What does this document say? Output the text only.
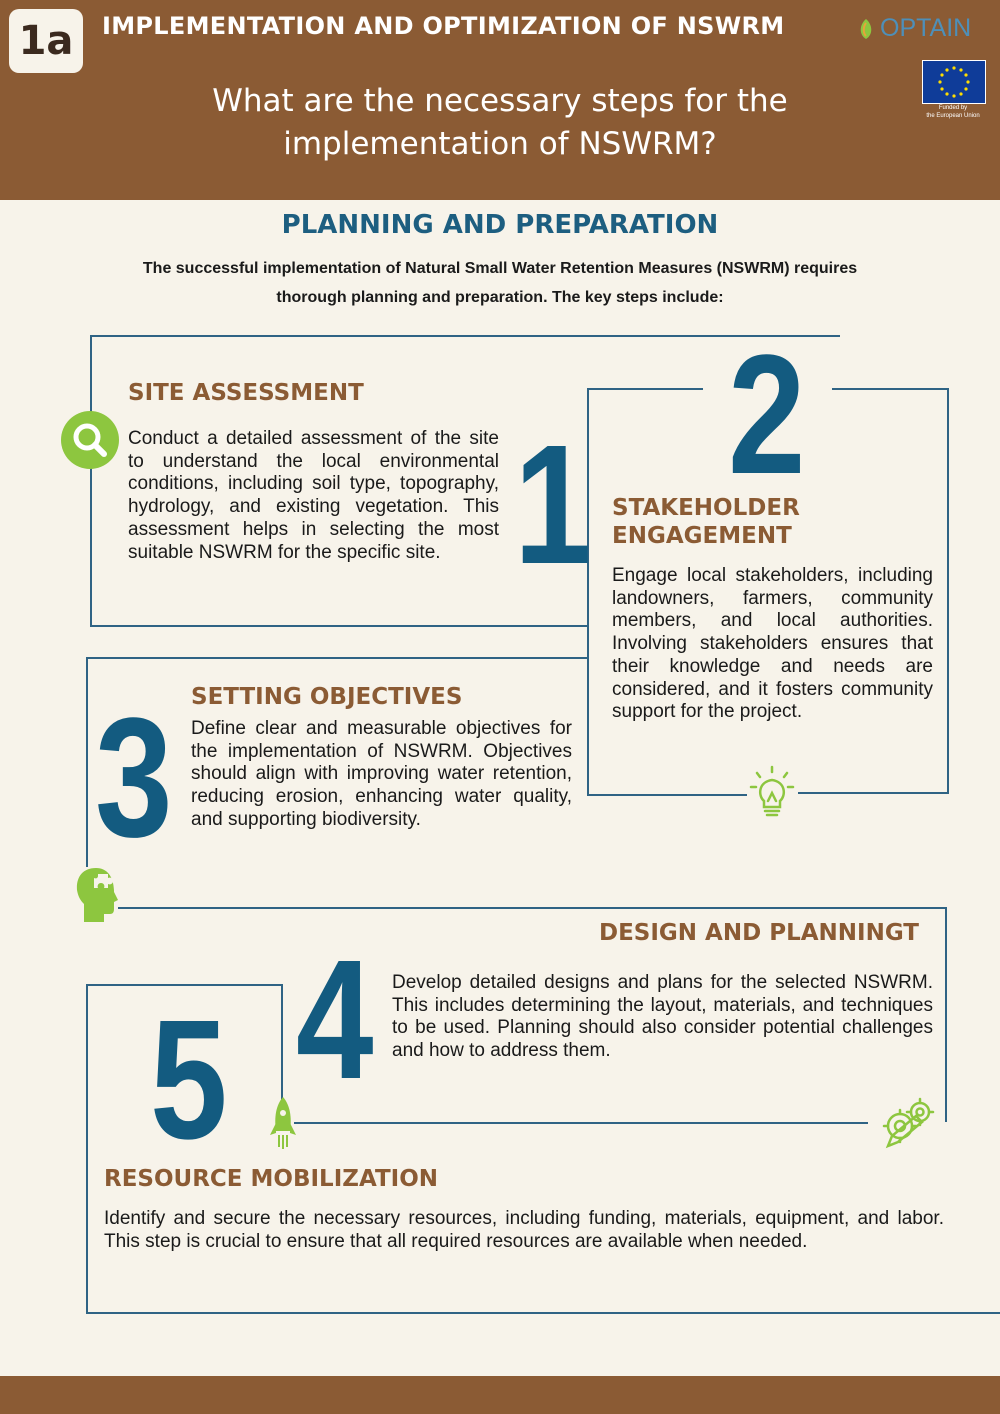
1a	IMPLEMENTATION AND OPTIMIZATION OF NSWRM
What are the necessary steps for the
implementation of NSWRM?
OPTAIN
Funded by
the European Union
PLANNING AND PREPARATION
The successful implementation of Natural Small Water Retention Measures (NSWRM) requires
thorough planning and preparation. The key steps include:
SITE ASSESSMENT
Conduct a detailed assessment of the site to understand the local environmental conditions, including soil type, topography, hydrology, and existing vegetation. This assessment helps in selecting the most suitable NSWRM for the specific site. 1 2
STAKEHOLDER
ENGAGEMENT
Engage local stakeholders, including landowners, farmers, community members, and local authorities. Involving stakeholders ensures that their knowledge and needs are considered, and it fosters community support for the project.
SETTING OBJECTIVES
3 Define clear and measurable objectives for the implementation of NSWRM. Objectives should align with improving water retention, reducing erosion, enhancing water quality, and supporting biodiversity.
DESIGN AND PLANNINGT
4 Develop detailed designs and plans for the selected NSWRM. This includes determining the layout, materials, and techniques to be used. Planning should also consider potential challenges and how to address them.
5
RESOURCE MOBILIZATION
Identify and secure the necessary resources, including funding, materials, equipment, and labor. This step is crucial to ensure that all required resources are available when needed.
